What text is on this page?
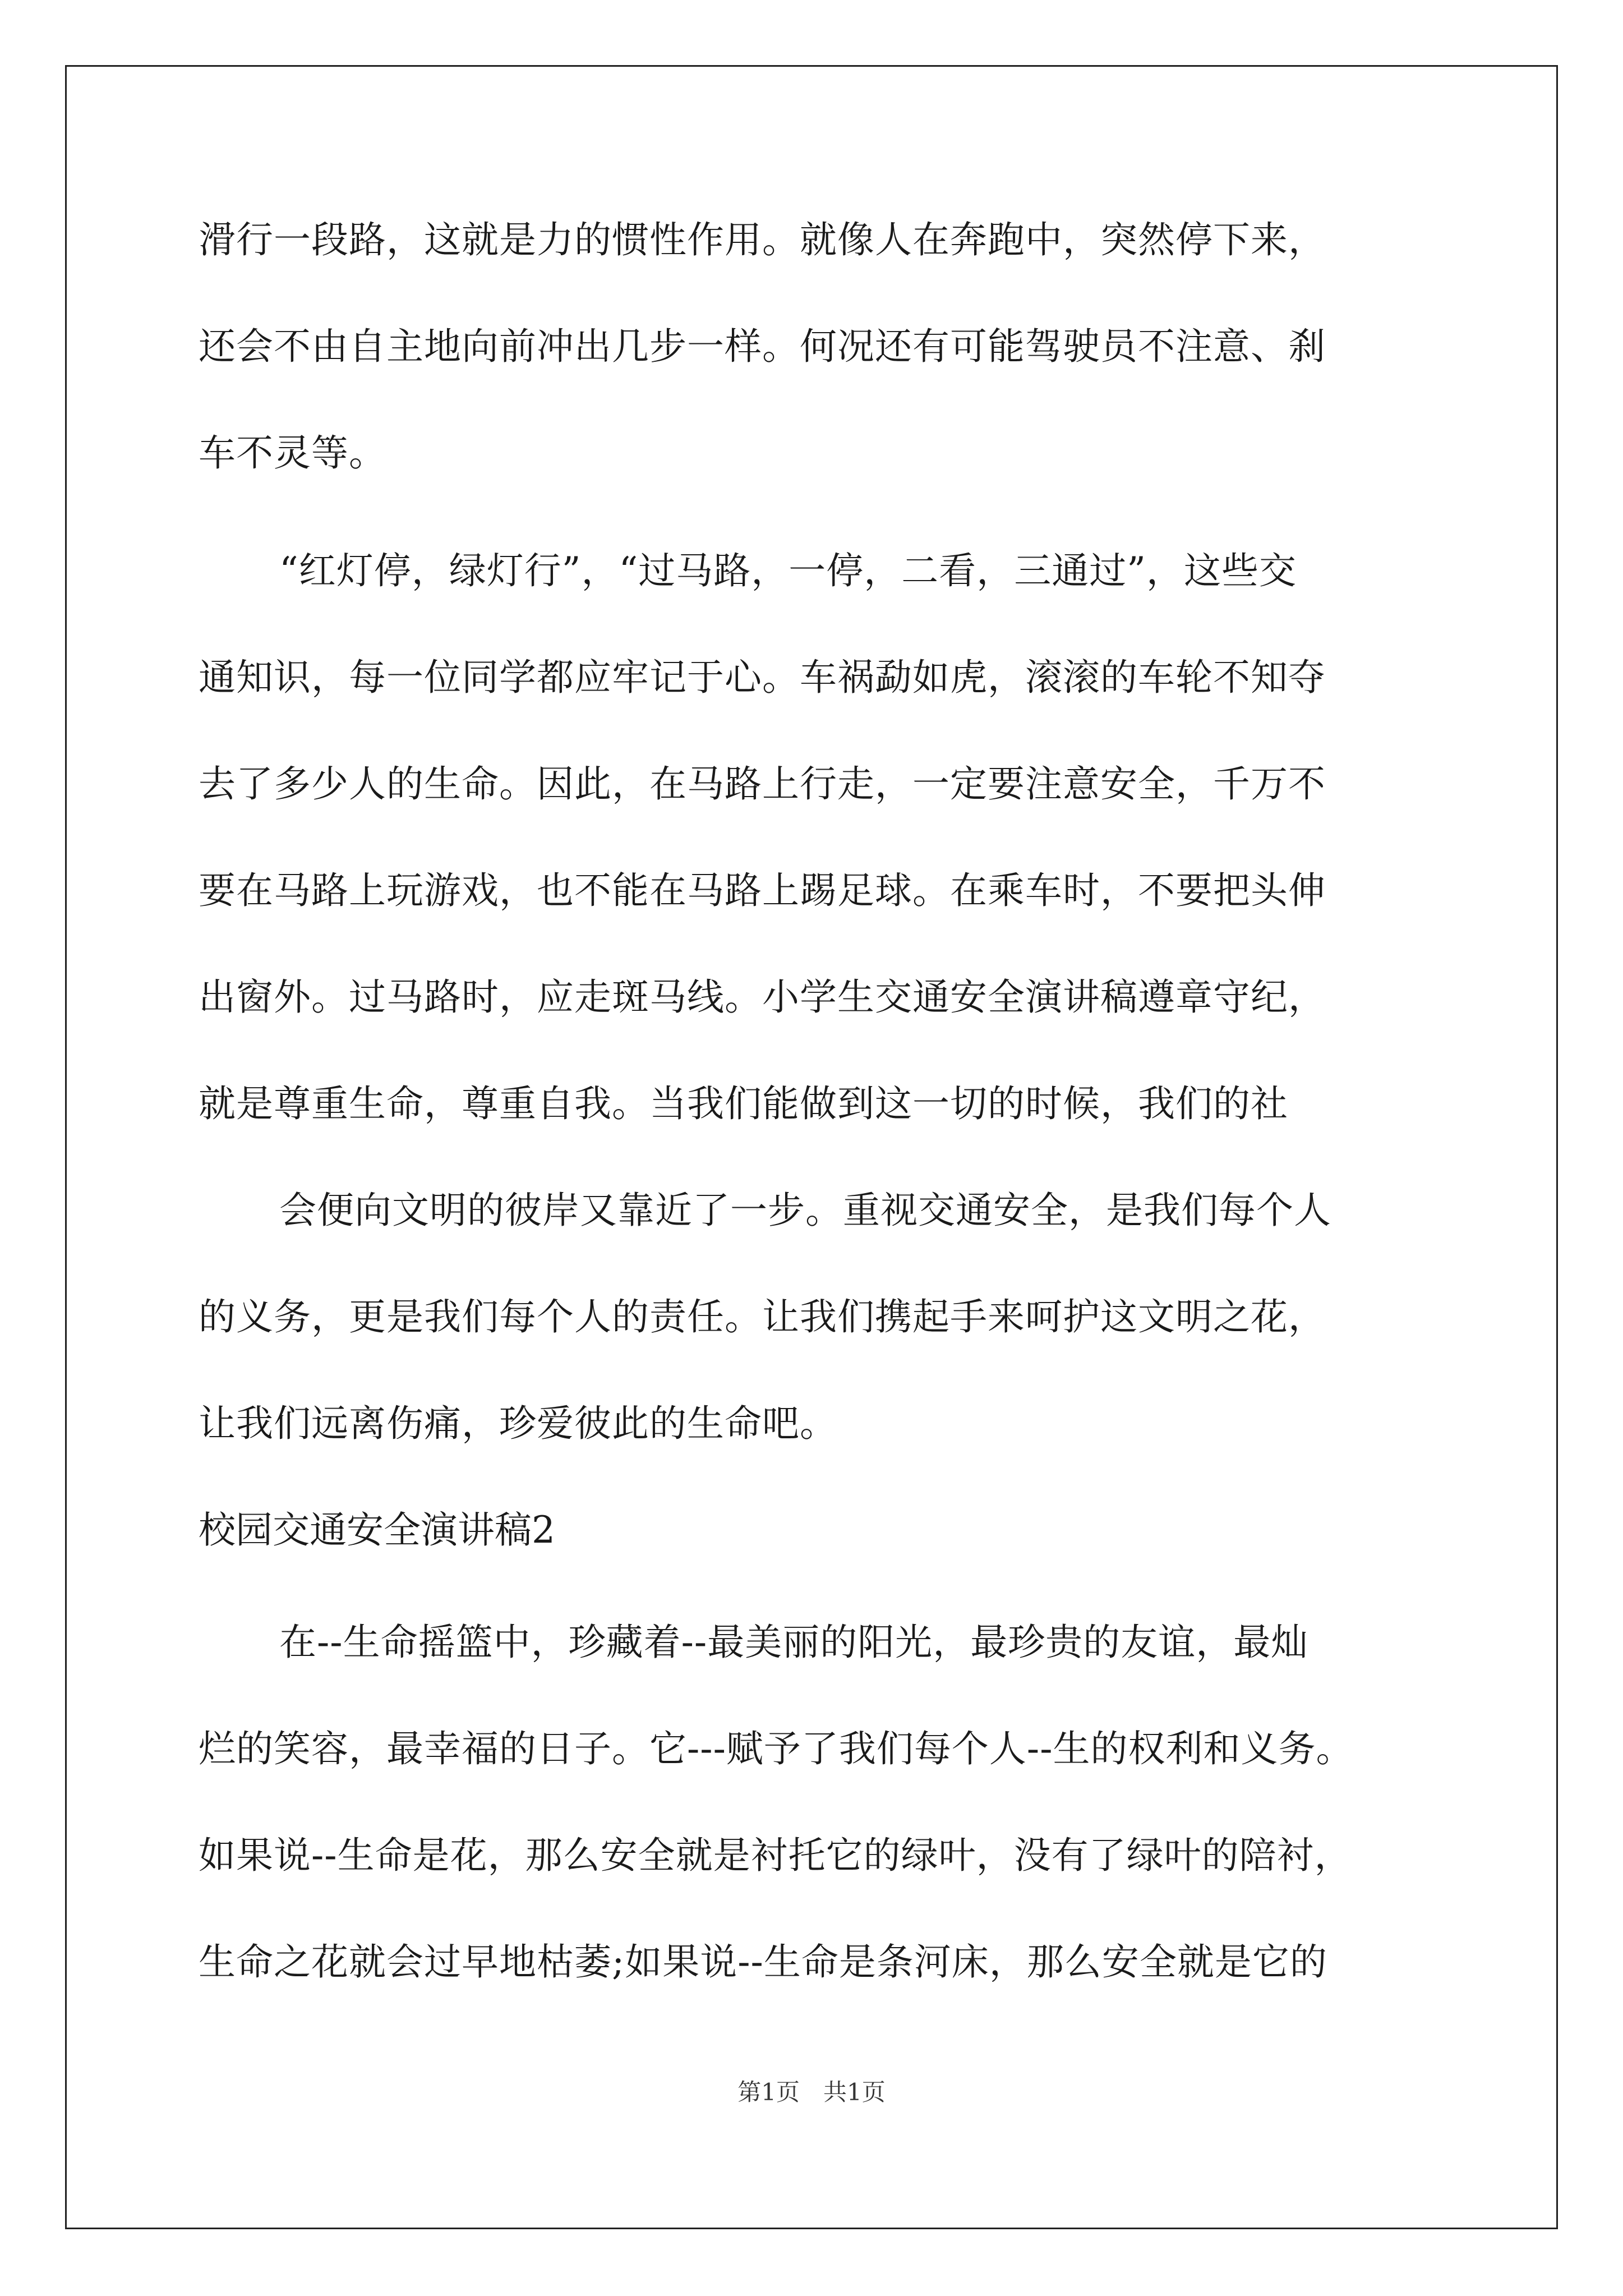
滑行一段路，这就是力的惯性作用。就像人在奔跑中，突然停下来，
还会不由自主地向前冲出几步一样。何况还有可能驾驶员不注意、刹
车不灵等。
“红灯停，绿灯行”，“过马路，一停，二看，三通过”，这些交
通知识，每一位同学都应牢记于心。车祸勐如虎，滚滚的车轮不知夺
去了多少人的生命。因此，在马路上行走，一定要注意安全，千万不
要在马路上玩游戏，也不能在马路上踢足球。在乘车时，不要把头伸
出窗外。过马路时，应走斑马线。小学生交通安全演讲稿遵章守纪，
就是尊重生命，尊重自我。当我们能做到这一切的时候，我们的社
会便向文明的彼岸又靠近了一步。重视交通安全，是我们每个人
的义务，更是我们每个人的责任。让我们携起手来呵护这文明之花，
让我们远离伤痛，珍爱彼此的生命吧。
校园交通安全演讲稿2
在--生命摇篮中，珍藏着--最美丽的阳光，最珍贵的友谊，最灿
烂的笑容，最幸福的日子。它---赋予了我们每个人--生的权利和义务。
如果说--生命是花，那么安全就是衬托它的绿叶，没有了绿叶的陪衬，
生命之花就会过早地枯萎;如果说--生命是条河床，那么安全就是它的
第1页　共1页
